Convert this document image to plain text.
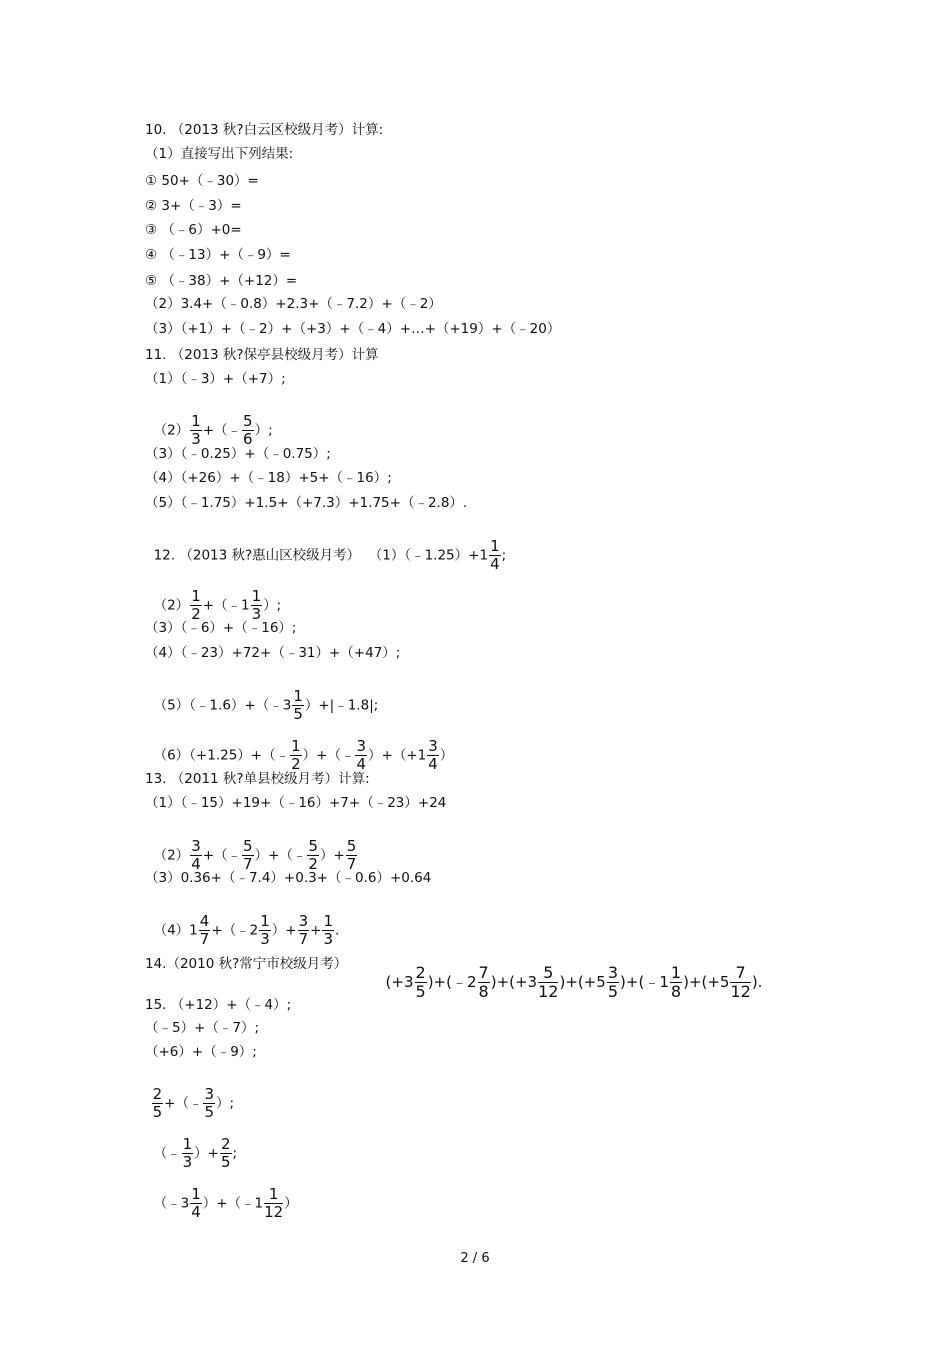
10. （2013 秋?白云区校级月考）计算:
（1）直接写出下列结果:
① 50+（﹣30）=
② 3+（﹣3）=
③ （﹣6）+0=
④ （﹣13）+（﹣9）=
⑤ （﹣38）+（+12）=
（2）3.4+（﹣0.8）+2.3+（﹣7.2）+（﹣2）
（3）（+1）+（﹣2）+（+3）+（﹣4）+…+（+19）+（﹣20）
11. （2013 秋?保亭县校级月考）计算
（1）（﹣3）+（+7）;

$(2) \frac{1}{3}$ +（﹣ $\frac{5}{6}$ ）;

（3）（﹣0.25）+（﹣0.75）;
（4）（+26）+（﹣18）+5+（﹣16）;
（5）（﹣1.75）+1.5+（+7.3）+1.75+（﹣2.8）.

12. （2013 秋?惠山区校级月考）  （1）（﹣1.25）+1 $\frac{1}{4}$ ;

$(2) \frac{1}{2}$ +（﹣1 $\frac{1}{3}$ ）;

（3）（﹣6）+（﹣16）;
（4）（﹣23）+72+（﹣31）+（+47）;

（5）（﹣1.6）+（﹣3 $\frac{1}{5}$ ）+|﹣1.8|;

（6）（+1.25）+（﹣ $\frac{1}{2}$ ）+（﹣ $\frac{3}{4} )+(+1 \frac{3}{4}$ ）

13. （2011 秋?单县校级月考）计算:
（1）（﹣15）+19+（﹣16）+7+（﹣23）+24

$(2) \frac{3}{4}$ +（﹣ $\frac{5}{7}$ ）+（﹣ $\frac{5}{2}$ ）+ $\frac{5}{7}$

（3）0.36+（﹣7.4）+0.3+（﹣0.6）+0.64

$(4)1 \frac{4}{7}$ +（﹣2 $\frac{1}{3}$ ）+ $\frac{3}{7} + \frac{1}{3}$ .

14.（2010 秋?常宁市校级月考）

($+3 \frac{2}{5}$ )+(﹣2 $\frac{7}{8} )+(+3 \frac{5}{12} )+(+5 \frac{3}{5}$ )+(﹣1 $\frac{1}{8} )+(+5 \frac{7}{12}$ ).

15. （+12）+（﹣4）;
（﹣5）+（﹣7）;
（+6）+（﹣9）;

$\frac{2}{5}$ +（﹣ $\frac{3}{5}$ ）;

（﹣ $\frac{1}{3}$ ）+ $\frac{2}{5}$ ;

（﹣3 $\frac{1}{4}$ ）+（﹣1 $\frac{1}{12}$ ）

2 / 6
